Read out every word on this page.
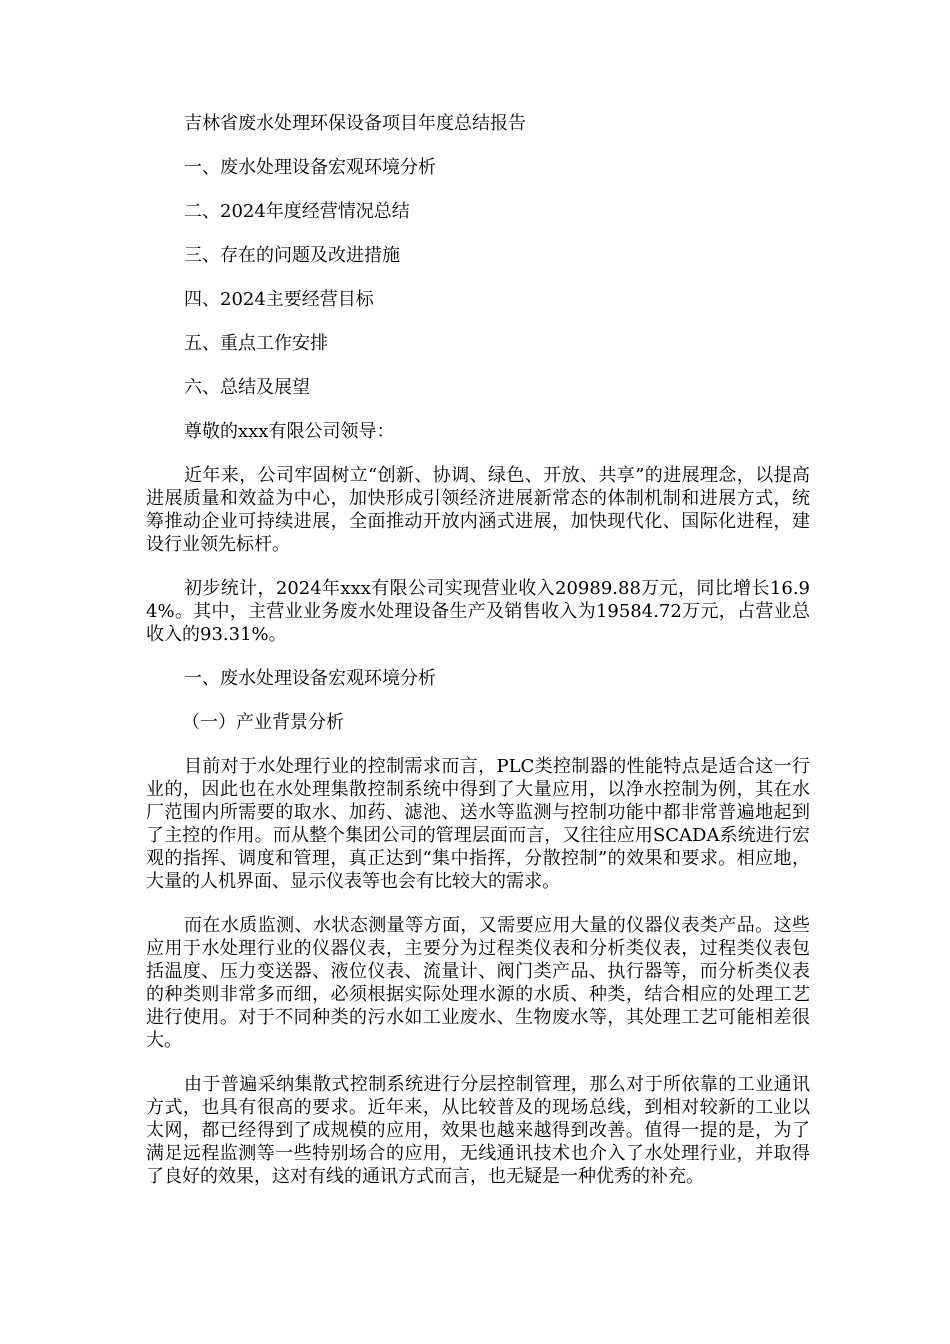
吉林省废水处理环保设备项目年度总结报告

一、废水处理设备宏观环境分析

二、2024年度经营情况总结

三、存在的问题及改进措施

四、2024主要经营目标

五、重点工作安排

六、总结及展望

尊敬的xxx有限公司领导：

近年来，公司牢固树立“创新、协调、绿色、开放、共享”的进展理念，以提高进展质量和效益为中心，加快形成引领经济进展新常态的体制机制和进展方式，统筹推动企业可持续进展，全面推动开放内涵式进展，加快现代化、国际化进程，建设行业领先标杆。

初步统计，2024年xxx有限公司实现营业收入20989.88万元，同比增长16.94%。其中，主营业业务废水处理设备生产及销售收入为19584.72万元，占营业总收入的93.31%。

一、废水处理设备宏观环境分析

（一）产业背景分析

目前对于水处理行业的控制需求而言，PLC类控制器的性能特点是适合这一行业的，因此也在水处理集散控制系统中得到了大量应用，以净水控制为例，其在水厂范围内所需要的取水、加药、滤池、送水等监测与控制功能中都非常普遍地起到了主控的作用。而从整个集团公司的管理层面而言，又往往应用SCADA系统进行宏观的指挥、调度和管理，真正达到“集中指挥，分散控制”的效果和要求。相应地，大量的人机界面、显示仪表等也会有比较大的需求。

而在水质监测、水状态测量等方面，又需要应用大量的仪器仪表类产品。这些应用于水处理行业的仪器仪表，主要分为过程类仪表和分析类仪表，过程类仪表包括温度、压力变送器、液位仪表、流量计、阀门类产品、执行器等，而分析类仪表的种类则非常多而细，必须根据实际处理水源的水质、种类，结合相应的处理工艺进行使用。对于不同种类的污水如工业废水、生物废水等，其处理工艺可能相差很大。

由于普遍采纳集散式控制系统进行分层控制管理，那么对于所依靠的工业通讯方式，也具有很高的要求。近年来，从比较普及的现场总线，到相对较新的工业以太网，都已经得到了成规模的应用，效果也越来越得到改善。值得一提的是，为了满足远程监测等一些特别场合的应用，无线通讯技术也介入了水处理行业，并取得了良好的效果，这对有线的通讯方式而言，也无疑是一种优秀的补充。
